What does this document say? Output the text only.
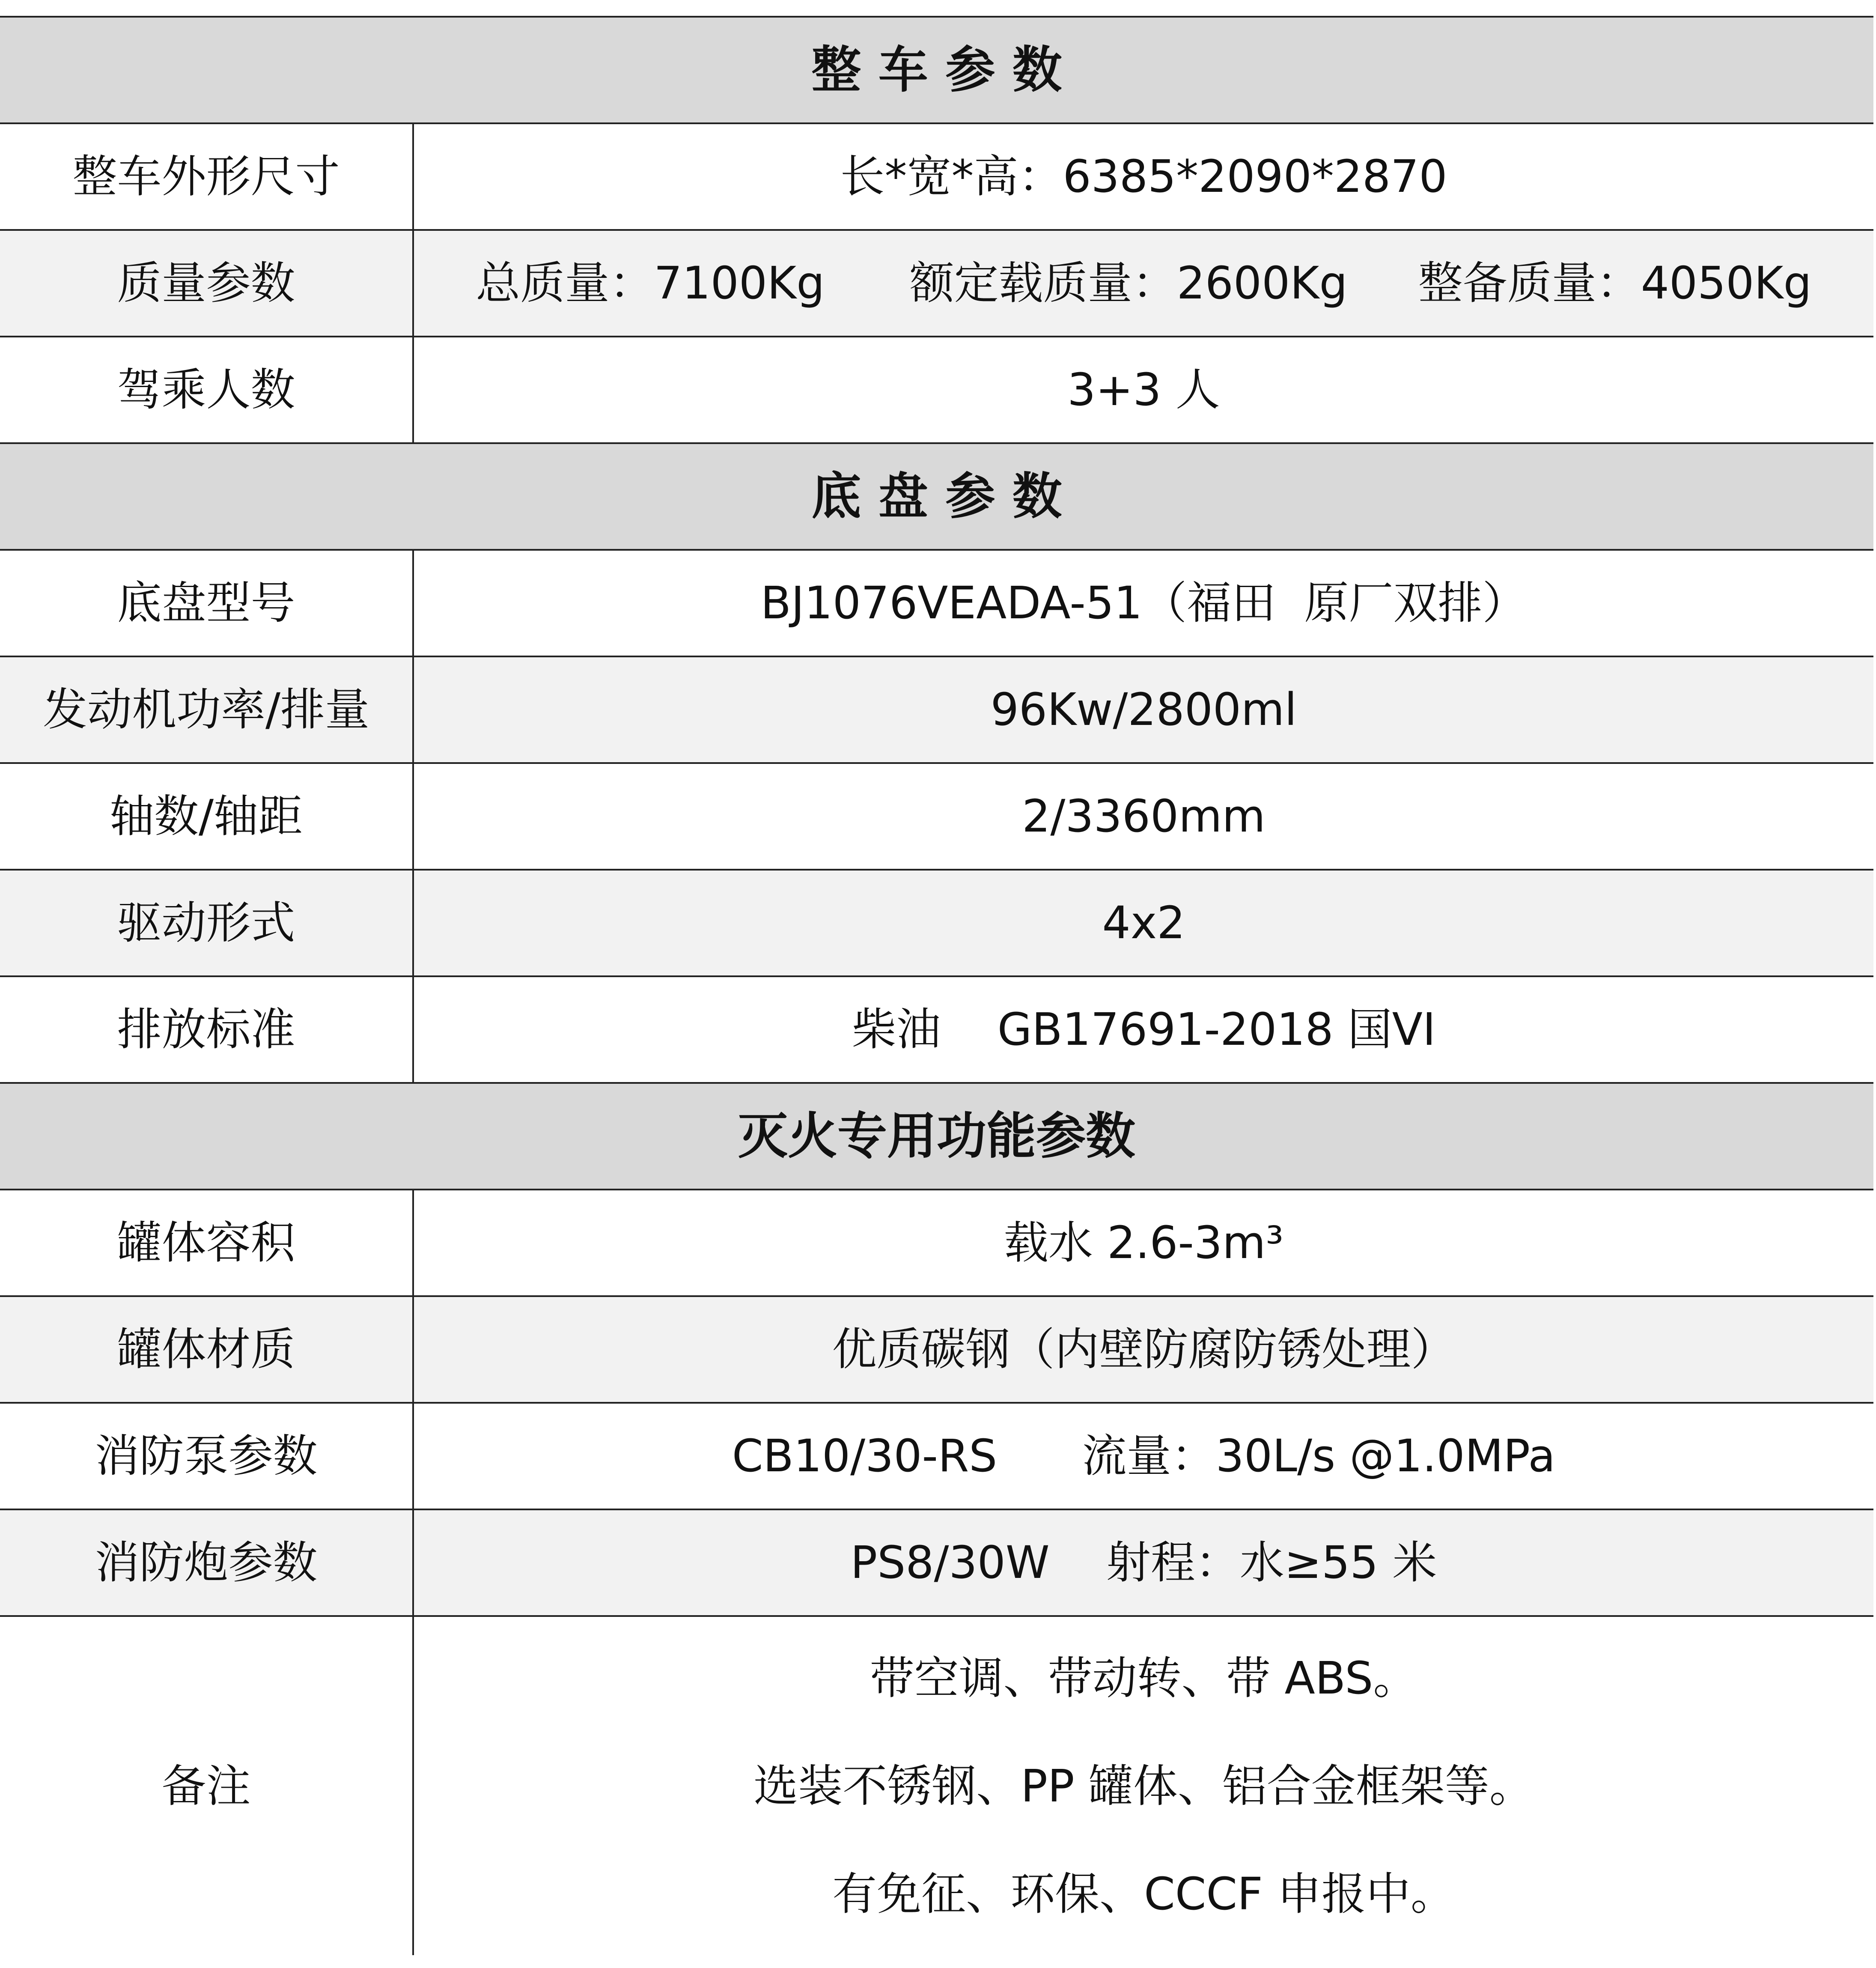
整 车 参 数	
整车外形尺寸	长*宽*高：6385*2090*2870
质量参数	总质量：7100Kg      额定载质量：2600Kg     整备质量：4050Kg
驾乘人数	3+3 人
底 盘 参 数	
底盘型号	BJ1076VEADA-51（福田  原厂双排）
发动机功率/排量	96Kw/2800ml
轴数/轴距	2/3360mm
驱动形式	4x2
排放标准	柴油    GB17691-2018 国VI
灭火专用功能参数	
罐体容积	载水 2.6-3m³
罐体材质	优质碳钢（内壁防腐防锈处理）
消防泵参数	CB10/30-RS      流量：30L/s @1.0MPa
消防炮参数	PS8/30W    射程：水≥55 米
备注	带空调、带动转、带 ABS。
选装不锈钢、PP 罐体、铝合金框架等。
有免征、环保、CCCF 申报中。
